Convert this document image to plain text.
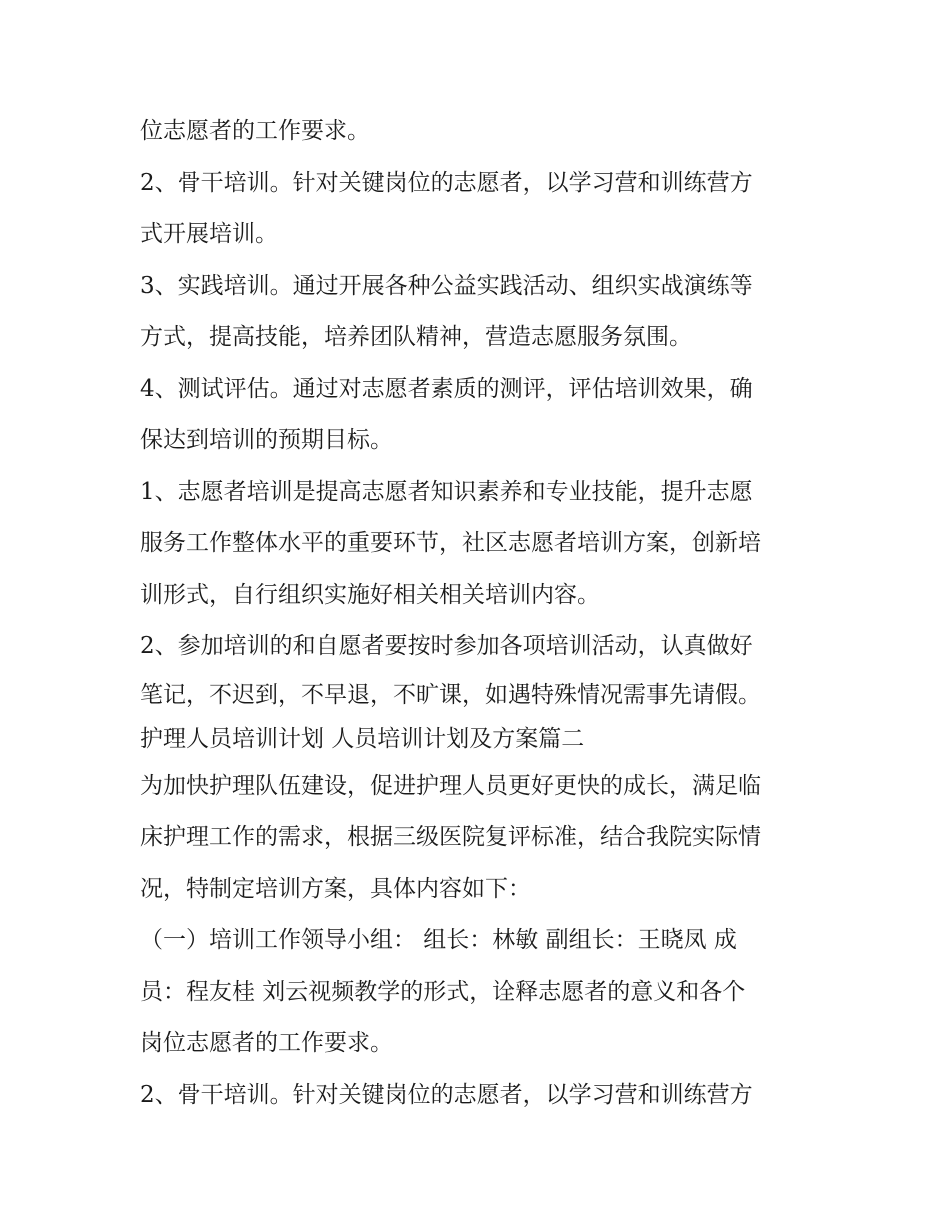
位志愿者的工作要求。
2、骨干培训。针对关键岗位的志愿者，以学习营和训练营方
式开展培训。
3、实践培训。通过开展各种公益实践活动、组织实战演练等
方式，提高技能，培养团队精神，营造志愿服务氛围。
4、测试评估。通过对志愿者素质的测评，评估培训效果，确
保达到培训的预期目标。
1、志愿者培训是提高志愿者知识素养和专业技能，提升志愿
服务工作整体水平的重要环节，社区志愿者培训方案，创新培
训形式，自行组织实施好相关相关培训内容。
2、参加培训的和自愿者要按时参加各项培训活动，认真做好
笔记，不迟到，不早退，不旷课，如遇特殊情况需事先请假。
护理人员培训计划 人员培训计划及方案篇二
为加快护理队伍建设，促进护理人员更好更快的成长，满足临
床护理工作的需求，根据三级医院复评标准，结合我院实际情
况，特制定培训方案，具体内容如下：
（一）培训工作领导小组： 组长：林敏 副组长：王晓凤 成
员：程友桂 刘云视频教学的形式，诠释志愿者的意义和各个
岗位志愿者的工作要求。
2、骨干培训。针对关键岗位的志愿者，以学习营和训练营方
